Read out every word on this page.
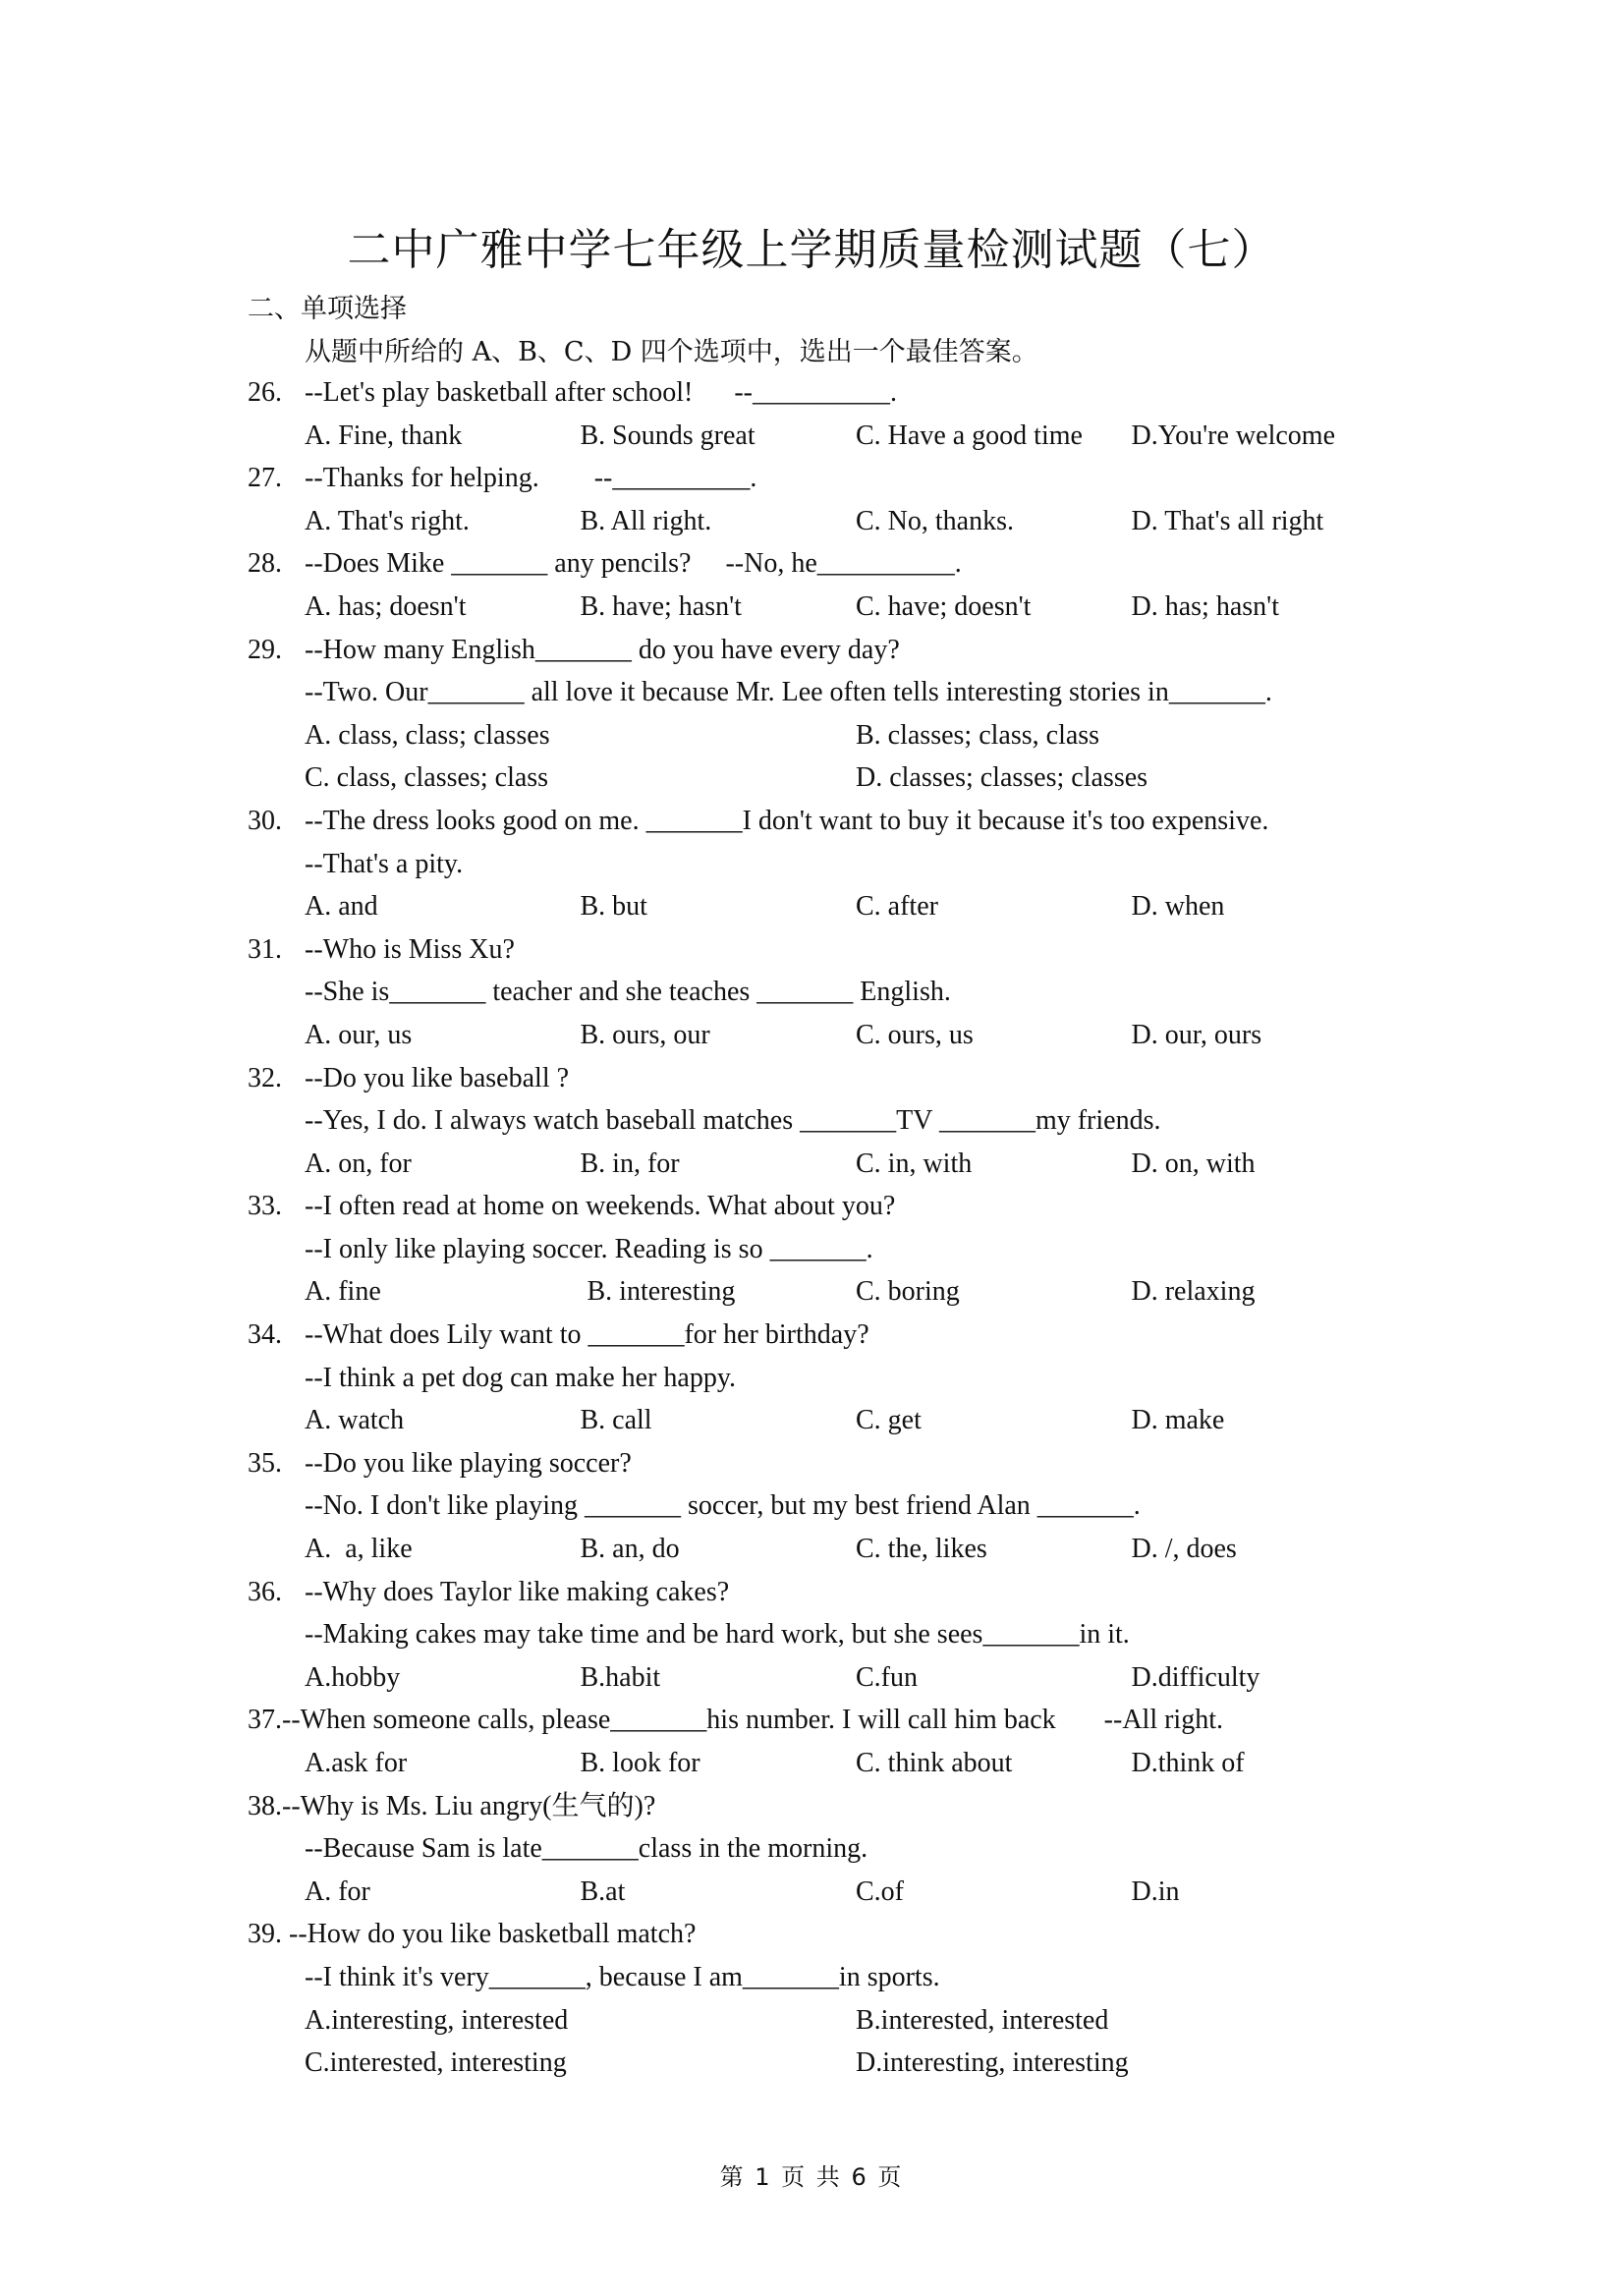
二中广雅中学七年级上学期质量检测试题（七）
二、单项选择
从题中所给的 A、B、C、D 四个选项中，选出一个最佳答案。
26. --Let's play basketball after school!      --__________.
A. Fine, thank	B. Sounds great	C. Have a good time	D.You're welcome
27. --Thanks for helping.        --__________.
A. That's right.	B. All right.	C. No, thanks.	D. That's all right
28. --Does Mike _______ any pencils?     --No, he__________.
A. has; doesn't	B. have; hasn't	C. have; doesn't	D. has; hasn't
29. --How many English_______ do you have every day?
--Two. Our_______ all love it because Mr. Lee often tells interesting stories in_______.
A. class, class; classes	B. classes; class, class
C. class, classes; class	D. classes; classes; classes
30. --The dress looks good on me. _______I don't want to buy it because it's too expensive.
--That's a pity.
A. and	B. but	C. after	D. when
31. --Who is Miss Xu?
--She is_______ teacher and she teaches _______ English.
A. our, us	B. ours, our	C. ours, us	D. our, ours
32. --Do you like baseball ?
--Yes, I do. I always watch baseball matches _______TV _______my friends.
A. on, for	B. in, for	C. in, with	D. on, with
33. --I often read at home on weekends. What about you?
--I only like playing soccer. Reading is so _______.
A. fine	B. interesting	C. boring	D. relaxing
34. --What does Lily want to _______for her birthday?
--I think a pet dog can make her happy.
A. watch	B. call	C. get	D. make
35. --Do you like playing soccer?
--No. I don't like playing _______ soccer, but my best friend Alan _______.
A.  a, like	B. an, do	C. the, likes	D. /, does
36. --Why does Taylor like making cakes?
--Making cakes may take time and be hard work, but she sees_______in it.
A.hobby	B.habit	C.fun	D.difficulty
37.--When someone calls, please_______his number. I will call him back       --All right.
A.ask for	B. look for	C. think about	D.think of
38.--Why is Ms. Liu angry(生气的)?
--Because Sam is late_______class in the morning.
A. for	B.at	C.of	D.in
39. --How do you like basketball match?
--I think it's very_______, because I am_______in sports.
A.interesting, interested	B.interested, interested
C.interested, interesting	D.interesting, interesting
第 1 页 共 6 页
